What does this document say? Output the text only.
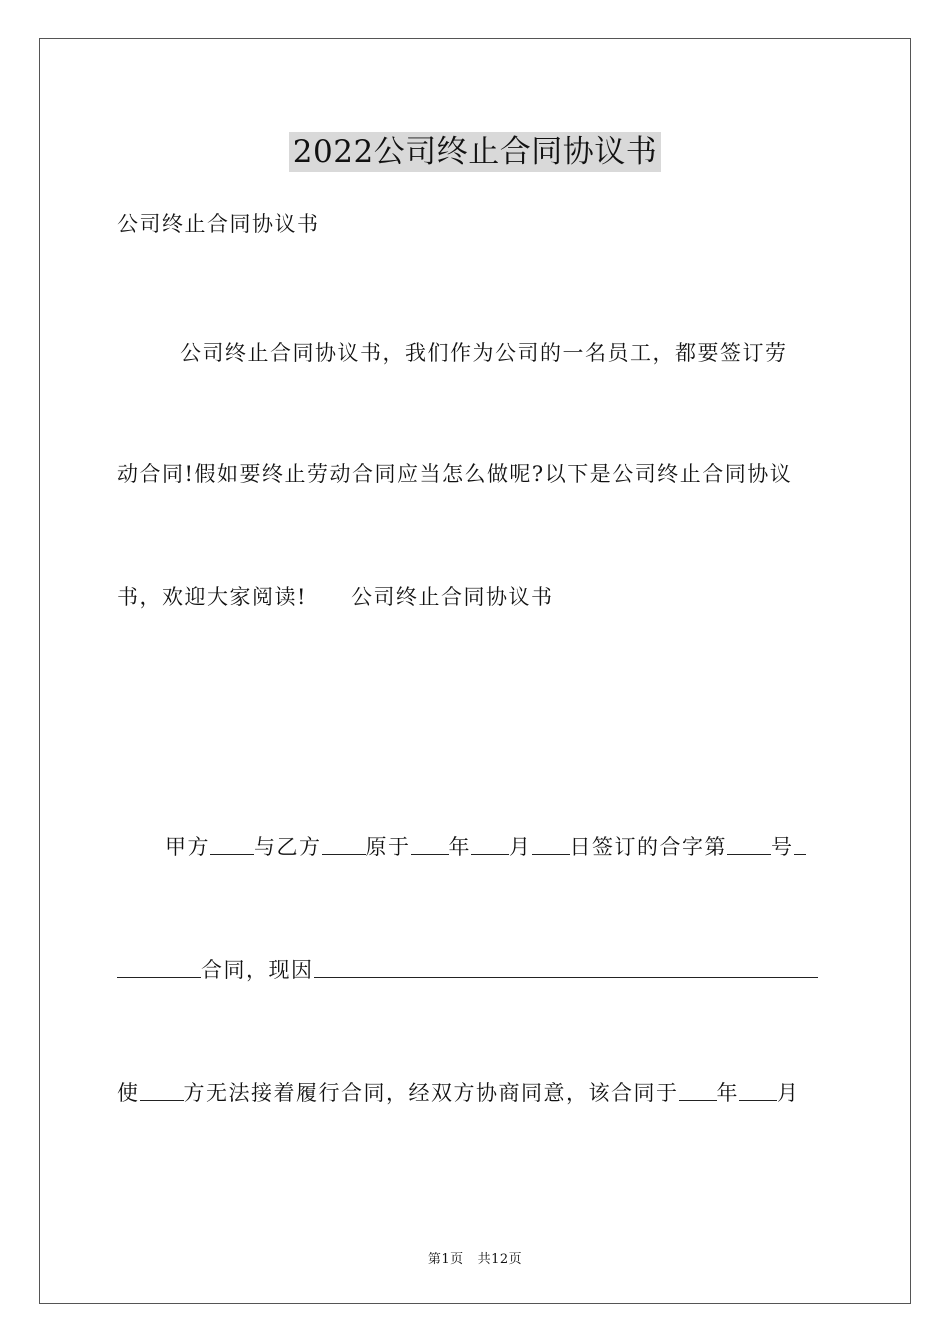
2022公司终止合同协议书
公司终止合同协议书
公司终止合同协议书，我们作为公司的一名员工，都要签订劳
动合同!假如要终止劳动合同应当怎么做呢?以下是公司终止合同协议
书，欢迎大家阅读! 公司终止合同协议书
甲方 与乙方 原于 年 月 日签订的合字第 号
合同，现因
使 方无法接着履行合同，经双方协商同意，该合同于 年 月
第1页 共12页
